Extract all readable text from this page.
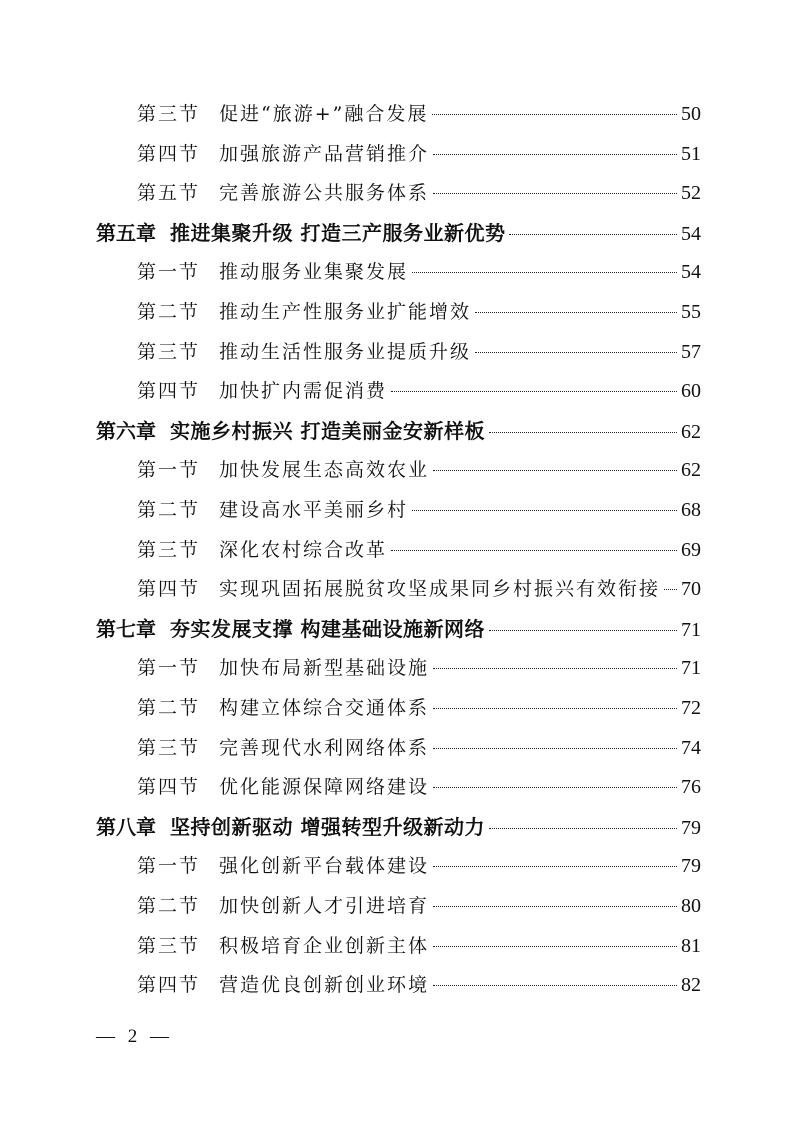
第三节 促进“旅游+”融合发展	50
第四节 加强旅游产品营销推介	51
第五节 完善旅游公共服务体系	52
第五章 推进集聚升级 打造三产服务业新优势	54
第一节 推动服务业集聚发展	54
第二节 推动生产性服务业扩能增效	55
第三节 推动生活性服务业提质升级	57
第四节 加快扩内需促消费	60
第六章 实施乡村振兴 打造美丽金安新样板	62
第一节 加快发展生态高效农业	62
第二节 建设高水平美丽乡村	68
第三节 深化农村综合改革	69
第四节 实现巩固拓展脱贫攻坚成果同乡村振兴有效衔接 70
第七章 夯实发展支撑 构建基础设施新网络	71
第一节 加快布局新型基础设施	71
第二节 构建立体综合交通体系	72
第三节 完善现代水利网络体系	74
第四节 优化能源保障网络建设	76
第八章 坚持创新驱动 增强转型升级新动力	79
第一节 强化创新平台载体建设	79
第二节 加快创新人才引进培育	80
第三节 积极培育企业创新主体	81
第四节 营造优良创新创业环境	82
— 2 —
